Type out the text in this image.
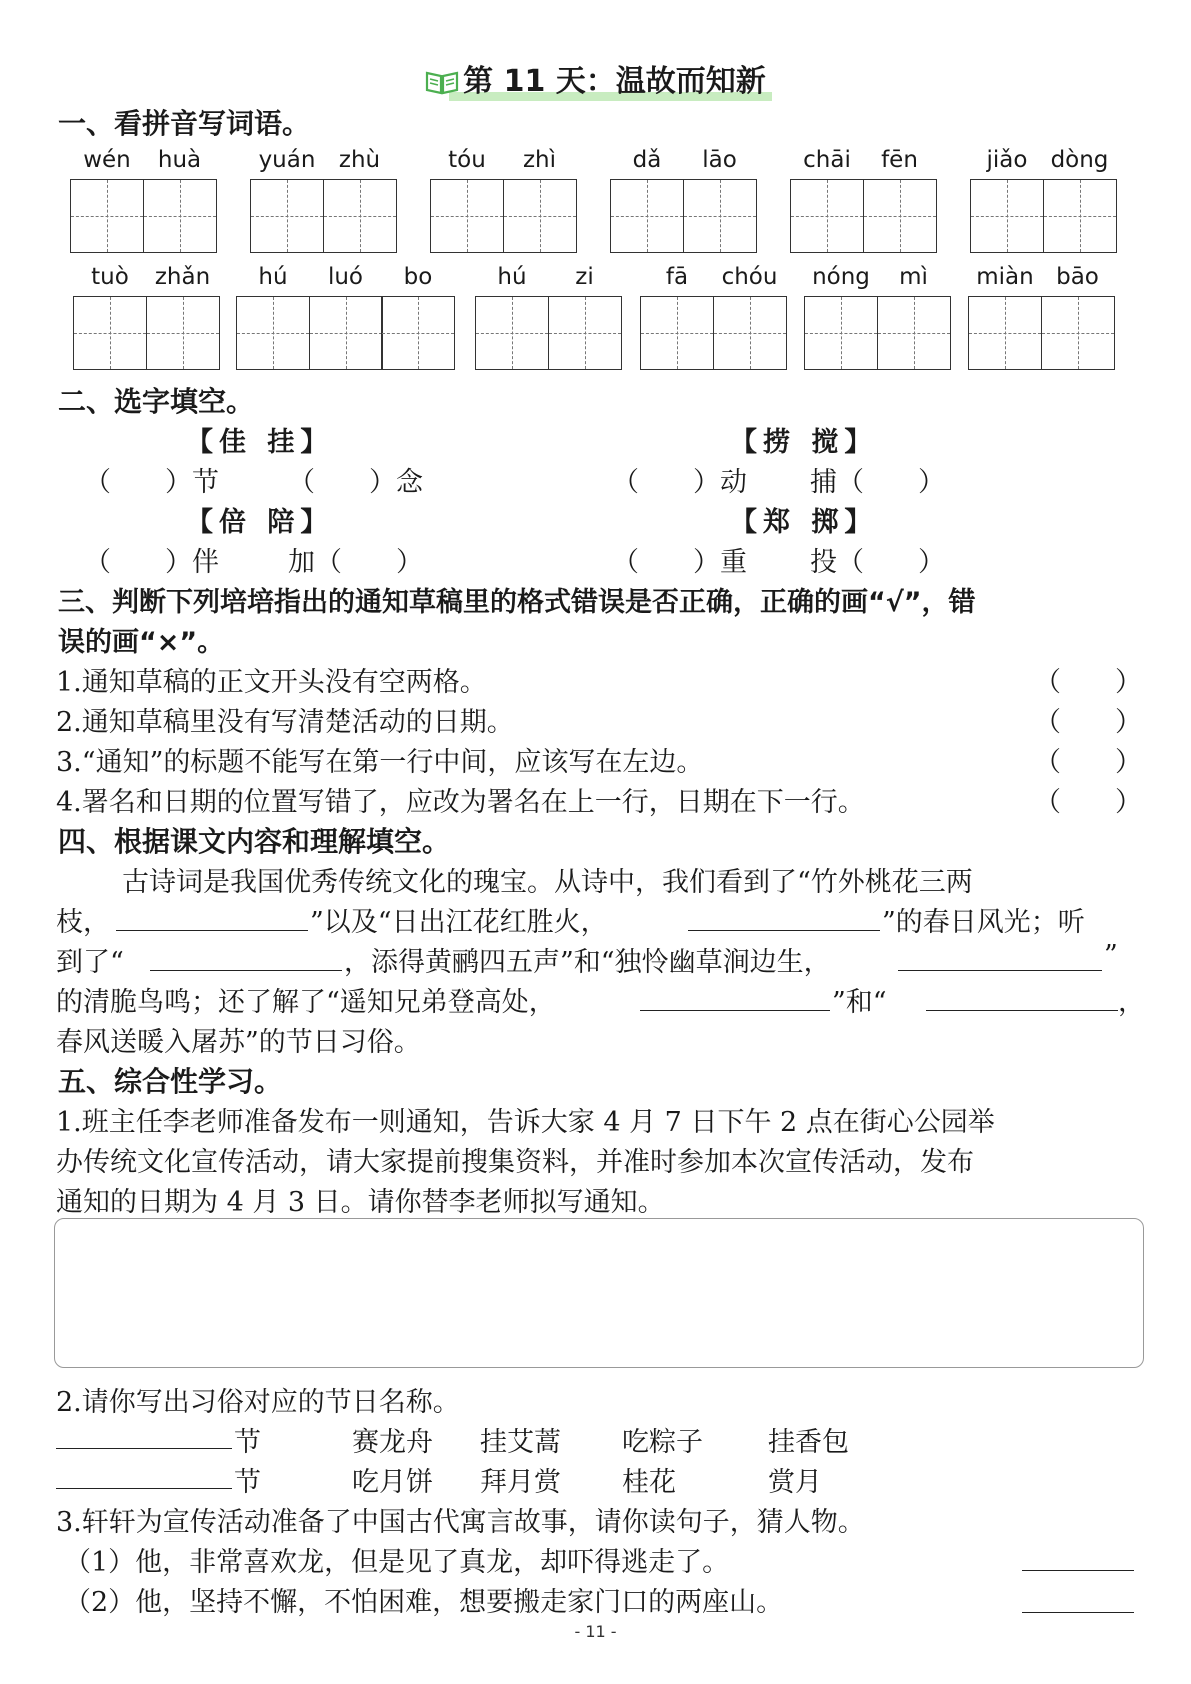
第 11 天：温故而知新
一、看拼音写词语。
wén	huà	yuán	zhù	tóu	zhì	dǎ	lāo	chāi	fēn	jiǎo	dòng
tuò	zhǎn	hú	luó	bo	hú	zi	fā	chóu	nóng	mì	miàn bāo
二、选字填空。
【佳 挂】
（　　）节	（　　）念
【捞 搅】
（　　）动 捕（　　）
【倍 陪】
（　　）伴	加（　　）
【郑 掷】
（　　）重 投（　　）
三、判断下列培培指出的通知草稿里的格式错误是否正确，正确的画“√”，错
误的画“×”。
1.通知草稿的正文开头没有空两格。	（　　）
2.通知草稿里没有写清楚活动的日期。	（　　）
3.“通知”的标题不能写在第一行中间，应该写在左边。	（　　）
4.署名和日期的位置写错了，应改为署名在上一行，日期在下一行。	（　　）
四、根据课文内容和理解填空。
古诗词是我国优秀传统文化的瑰宝。从诗中，我们看到了“竹外桃花三两
枝，	”以及“日出江花红胜火，	”的春日风光；听
到了“	，添得黄鹂四五声”和“独怜幽草涧边生，	”
的清脆鸟鸣；还了解了“遥知兄弟登高处，	”和“	，
春风送暖入屠苏”的节日习俗。
五、综合性学习。
1.班主任李老师准备发布一则通知，告诉大家 4 月 7 日下午 2 点在街心公园举
办传统文化宣传活动，请大家提前搜集资料，并准时参加本次宣传活动，发布
通知的日期为 4 月 3 日。请你替李老师拟写通知。
2.请你写出习俗对应的节日名称。
节	赛龙舟 挂艾蒿 吃粽子 挂香包
节	吃月饼 拜月赏 桂花	赏月
3.轩轩为宣传活动准备了中国古代寓言故事，请你读句子，猜人物。
（1）他，非常喜欢龙，但是见了真龙，却吓得逃走了。
（2）他，坚持不懈，不怕困难，想要搬走家门口的两座山。
- 11 -
